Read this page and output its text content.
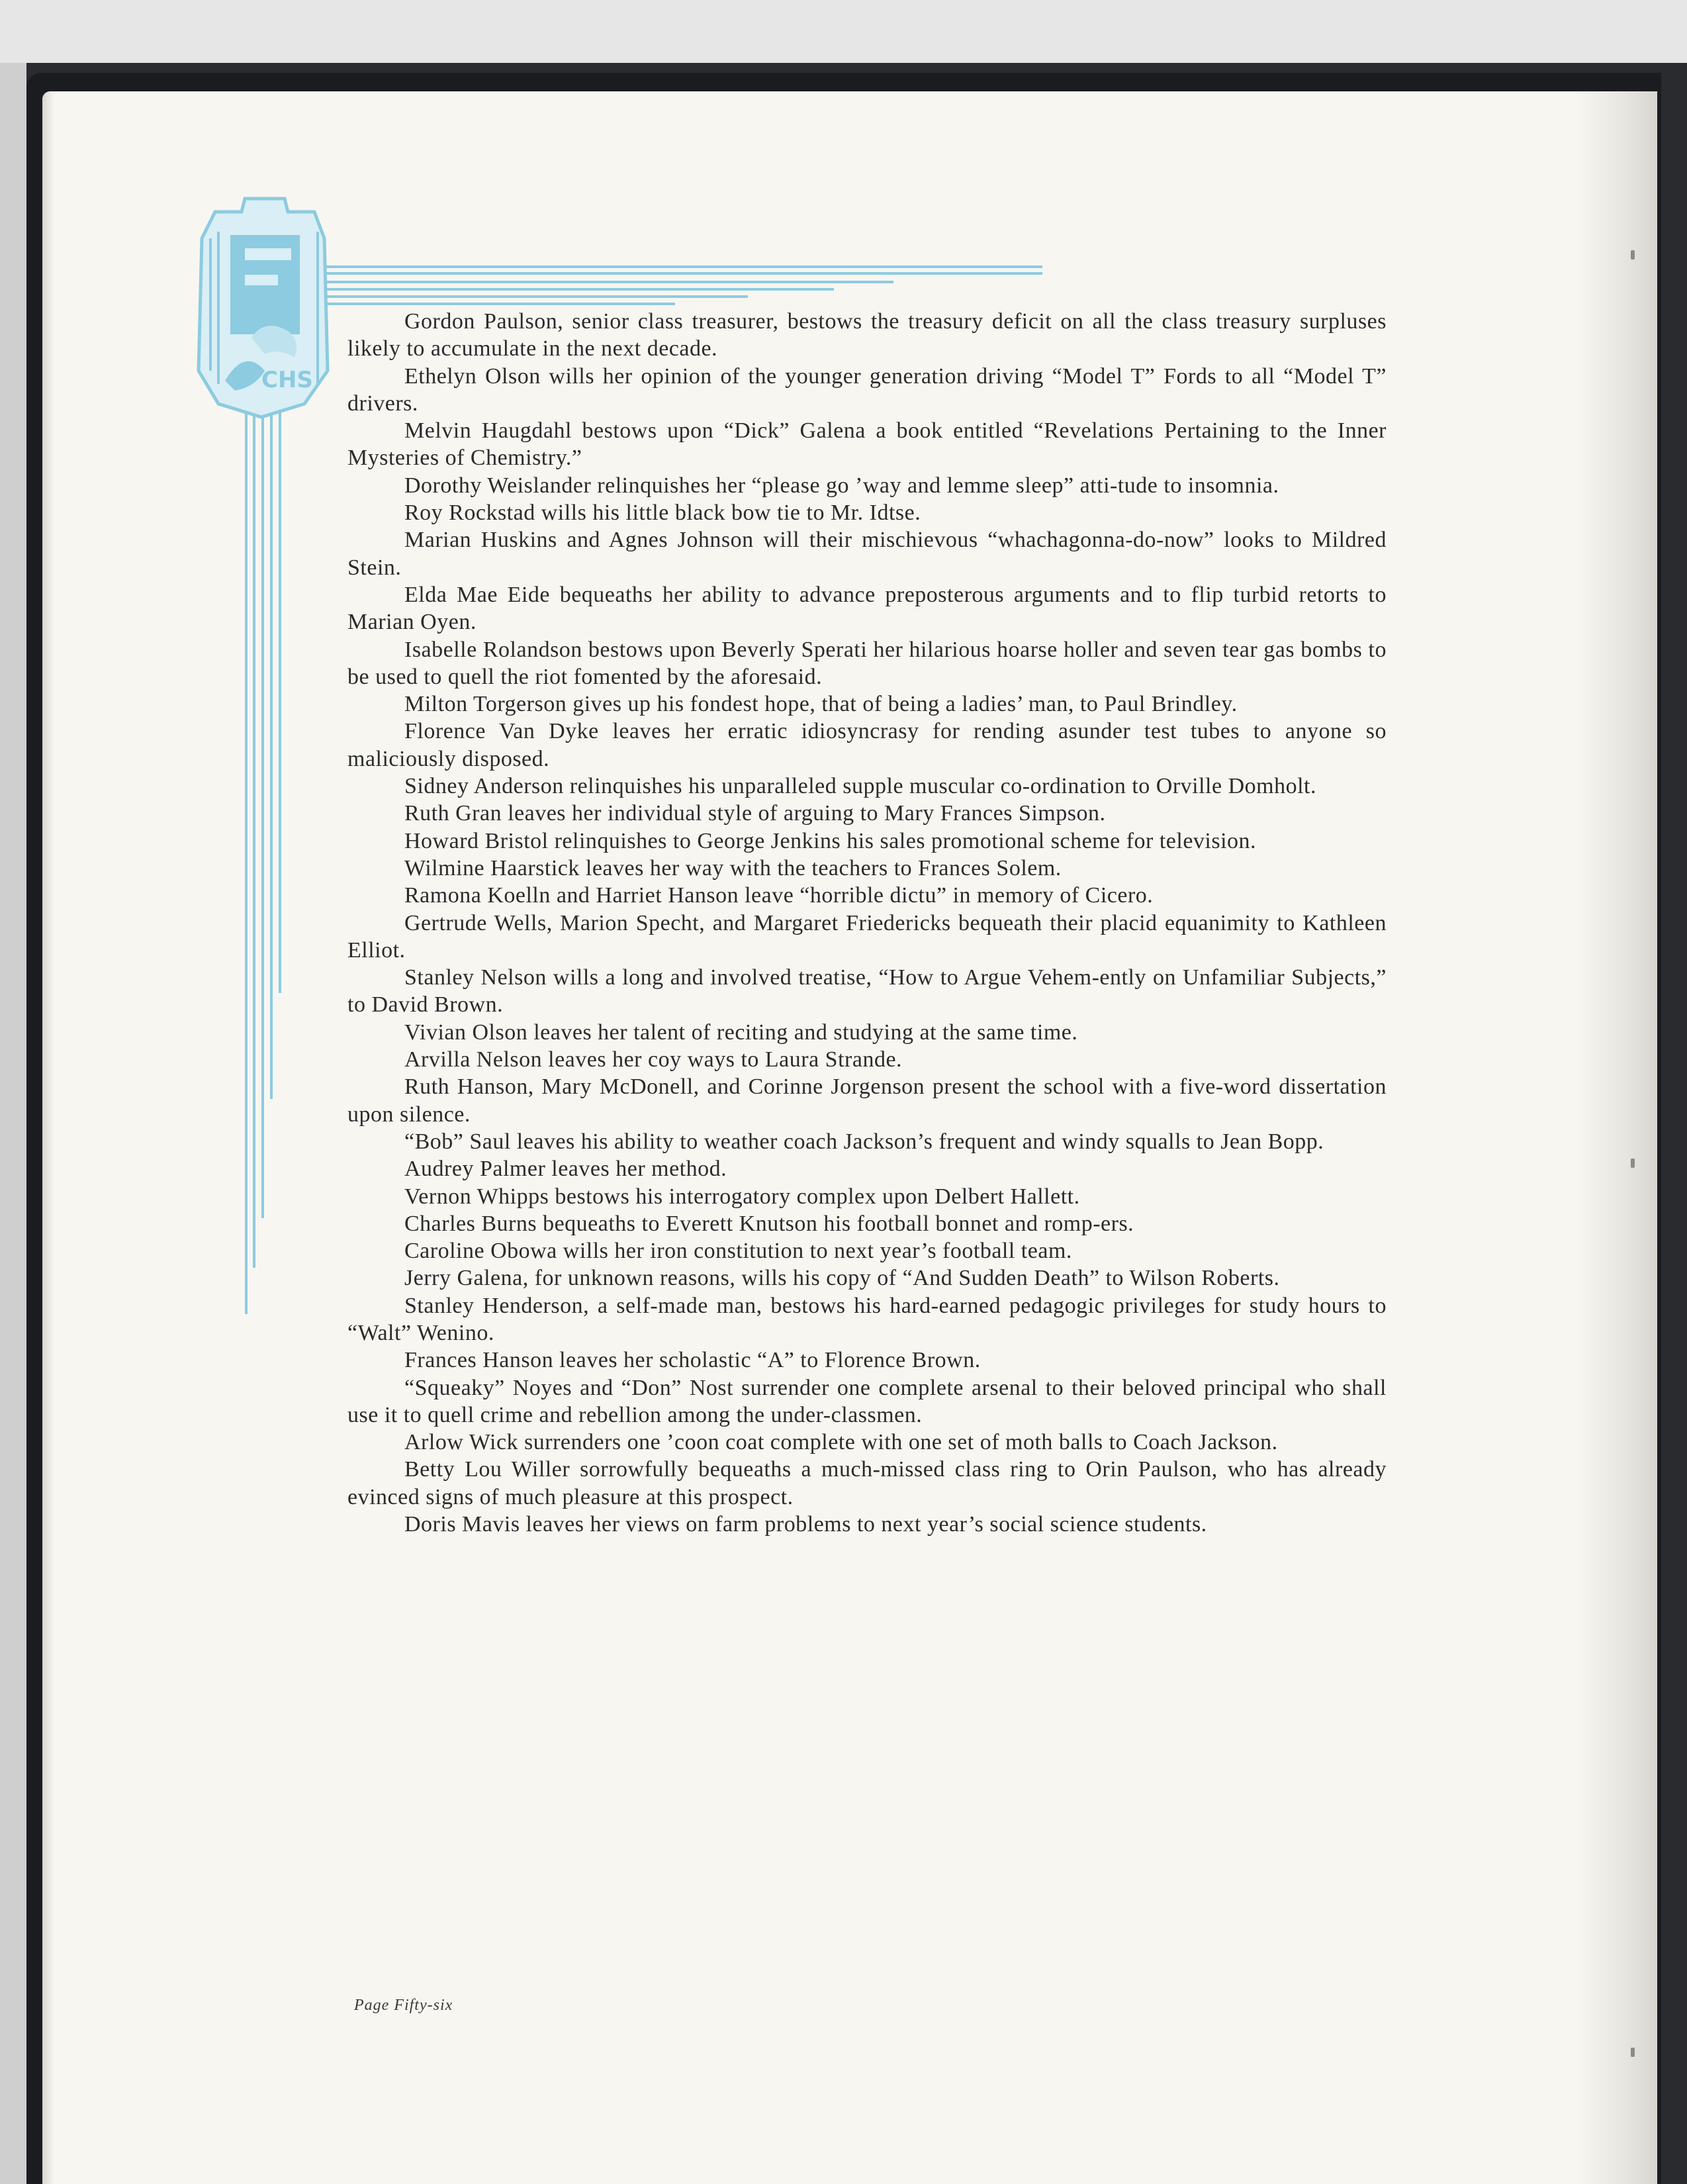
CHS

Gordon Paulson, senior class treasurer, bestows the treasury deficit on all the class treasury surpluses likely to accumulate in the next decade.

Ethelyn Olson wills her opinion of the younger generation driving “Model T” Fords to all “Model T” drivers.

Melvin Haugdahl bestows upon “Dick” Galena a book entitled “Revelations Pertaining to the Inner Mysteries of Chemistry.”

Dorothy Weislander relinquishes her “please go ’way and lemme sleep” atti-tude to insomnia.

Roy Rockstad wills his little black bow tie to Mr. Idtse.

Marian Huskins and Agnes Johnson will their mischievous “whachagonna-do-now” looks to Mildred Stein.

Elda Mae Eide bequeaths her ability to advance preposterous arguments and to flip turbid retorts to Marian Oyen.

Isabelle Rolandson bestows upon Beverly Sperati her hilarious hoarse holler and seven tear gas bombs to be used to quell the riot fomented by the aforesaid.

Milton Torgerson gives up his fondest hope, that of being a ladies’ man, to Paul Brindley.

Florence Van Dyke leaves her erratic idiosyncrasy for rending asunder test tubes to anyone so maliciously disposed.

Sidney Anderson relinquishes his unparalleled supple muscular co-ordination to Orville Domholt.

Ruth Gran leaves her individual style of arguing to Mary Frances Simpson.

Howard Bristol relinquishes to George Jenkins his sales promotional scheme for television.

Wilmine Haarstick leaves her way with the teachers to Frances Solem.

Ramona Koelln and Harriet Hanson leave “horrible dictu” in memory of Cicero.

Gertrude Wells, Marion Specht, and Margaret Friedericks bequeath their placid equanimity to Kathleen Elliot.

Stanley Nelson wills a long and involved treatise, “How to Argue Vehem-ently on Unfamiliar Subjects,” to David Brown.

Vivian Olson leaves her talent of reciting and studying at the same time.

Arvilla Nelson leaves her coy ways to Laura Strande.

Ruth Hanson, Mary McDonell, and Corinne Jorgenson present the school with a five-word dissertation upon silence.

“Bob” Saul leaves his ability to weather coach Jackson’s frequent and windy squalls to Jean Bopp.

Audrey Palmer leaves her method.

Vernon Whipps bestows his interrogatory complex upon Delbert Hallett.

Charles Burns bequeaths to Everett Knutson his football bonnet and romp-ers.

Caroline Obowa wills her iron constitution to next year’s football team.

Jerry Galena, for unknown reasons, wills his copy of “And Sudden Death” to Wilson Roberts.

Stanley Henderson, a self-made man, bestows his hard-earned pedagogic privileges for study hours to “Walt” Wenino.

Frances Hanson leaves her scholastic “A” to Florence Brown.

“Squeaky” Noyes and “Don” Nost surrender one complete arsenal to their beloved principal who shall use it to quell crime and rebellion among the under-classmen.

Arlow Wick surrenders one ’coon coat complete with one set of moth balls to Coach Jackson.

Betty Lou Willer sorrowfully bequeaths a much-missed class ring to Orin Paulson, who has already evinced signs of much pleasure at this prospect.

Doris Mavis leaves her views on farm problems to next year’s social science students.

Page Fifty-six
